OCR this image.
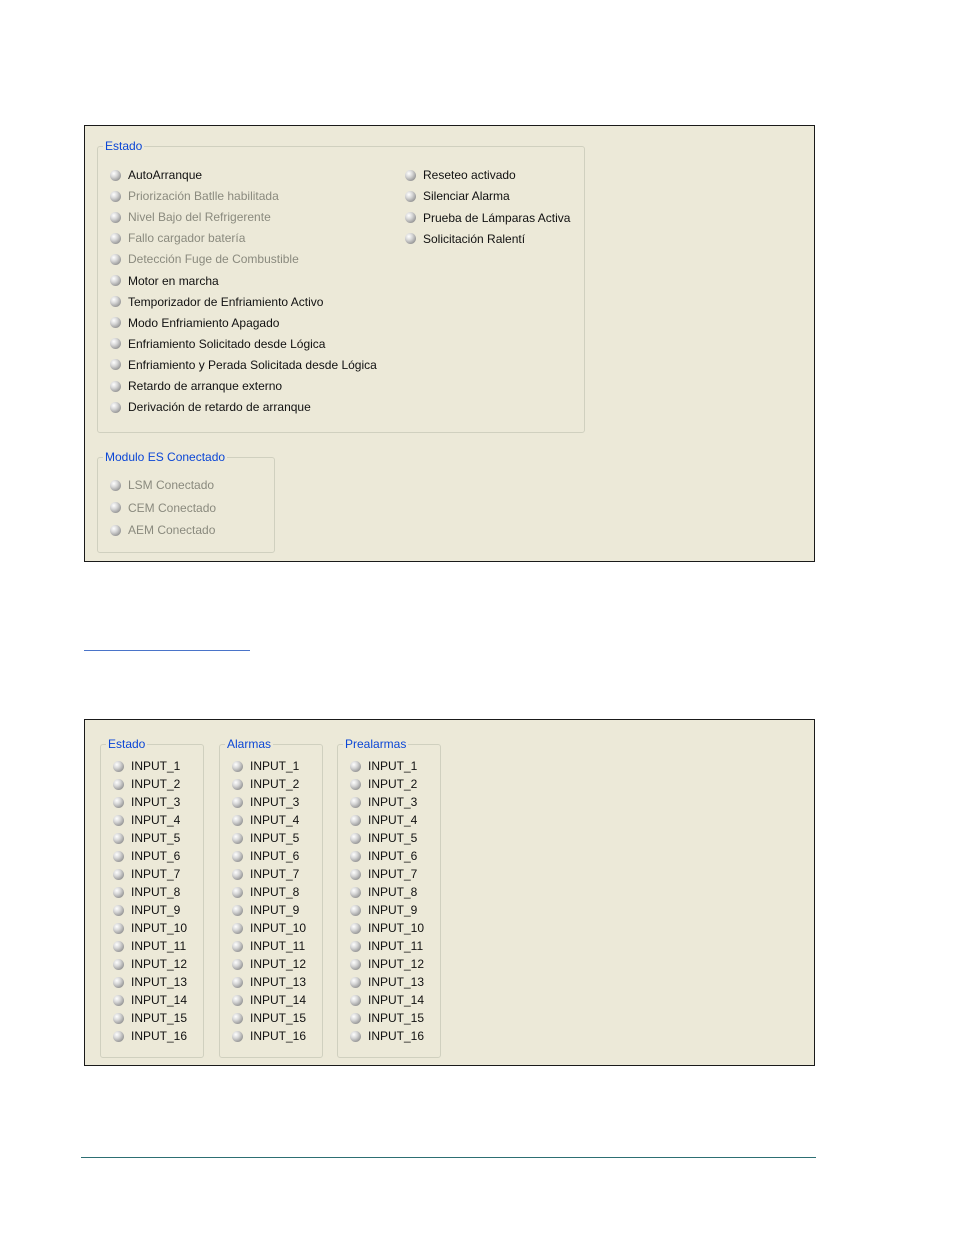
Estado
AutoArranque
Priorización Batlle habilitada
Nivel Bajo del Refrigerente
Fallo cargador batería
Detección Fuge de Combustible
Motor en marcha
Temporizador de Enfriamiento Activo
Modo Enfriamiento Apagado
Enfriamiento Solicitado desde Lógica
Enfriamiento y Perada Solicitada desde Lógica
Retardo de arranque externo
Derivación de retardo de arranque
Reseteo activado
Silenciar Alarma
Prueba de Lámparas Activa
Solicitación Ralentí
Modulo ES Conectado
LSM Conectado
CEM Conectado
AEM Conectado
Estado
INPUT_1
INPUT_2
INPUT_3
INPUT_4
INPUT_5
INPUT_6
INPUT_7
INPUT_8
INPUT_9
INPUT_10
INPUT_11
INPUT_12
INPUT_13
INPUT_14
INPUT_15
INPUT_16
Alarmas
INPUT_1
INPUT_2
INPUT_3
INPUT_4
INPUT_5
INPUT_6
INPUT_7
INPUT_8
INPUT_9
INPUT_10
INPUT_11
INPUT_12
INPUT_13
INPUT_14
INPUT_15
INPUT_16
Prealarmas
INPUT_1
INPUT_2
INPUT_3
INPUT_4
INPUT_5
INPUT_6
INPUT_7
INPUT_8
INPUT_9
INPUT_10
INPUT_11
INPUT_12
INPUT_13
INPUT_14
INPUT_15
INPUT_16
